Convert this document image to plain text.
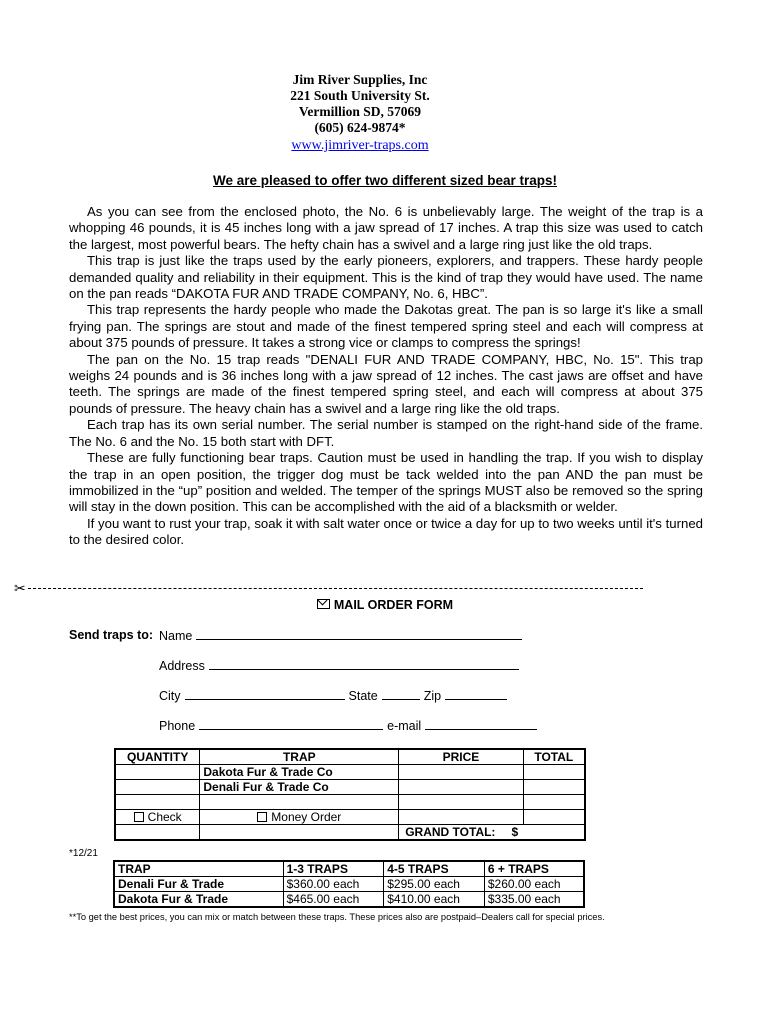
Jim River Supplies, Inc
221 South University St.
Vermillion SD, 57069
(605) 624-9874*
www.jimriver-traps.com
We are pleased to offer two different sized bear traps!

As you can see from the enclosed photo, the No. 6 is unbelievably large. The weight of the trap is a whopping 46 pounds, it is 45 inches long with a jaw spread of 17 inches. A trap this size was used to catch the largest, most powerful bears. The hefty chain has a swivel and a large ring just like the old traps.

This trap is just like the traps used by the early pioneers, explorers, and trappers. These hardy people demanded quality and reliability in their equipment. This is the kind of trap they would have used. The name on the pan reads “DAKOTA FUR AND TRADE COMPANY, No. 6, HBC”.

This trap represents the hardy people who made the Dakotas great. The pan is so large it's like a small frying pan. The springs are stout and made of the finest tempered spring steel and each will compress at about 375 pounds of pressure. It takes a strong vice or clamps to compress the springs!

The pan on the No. 15 trap reads "DENALI FUR AND TRADE COMPANY, HBC, No. 15". This trap weighs 24 pounds and is 36 inches long with a jaw spread of 12 inches. The cast jaws are offset and have teeth. The springs are made of the finest tempered spring steel, and each will compress at about 375 pounds of pressure. The heavy chain has a swivel and a large ring like the old traps.

Each trap has its own serial number. The serial number is stamped on the right-hand side of the frame. The No. 6 and the No. 15 both start with DFT.

These are fully functioning bear traps. Caution must be used in handling the trap. If you wish to display the trap in an open position, the trigger dog must be tack welded into the pan AND the pan must be immobilized in the “up” position and welded. The temper of the springs MUST also be removed so the spring will stay in the down position. This can be accomplished with the aid of a blacksmith or welder.

If you want to rust your trap, soak it with salt water once or twice a day for up to two weeks until it's turned to the desired color.

✂
MAIL ORDER FORM
Send traps to: Name
Address
City	State	Zip
Phone	e-mail
QUANTITY	TRAP	PRICE	TOTAL
	Dakota Fur & Trade Co		
	Denali Fur & Trade Co		

Check	Money Order		
		GRAND TOTAL: $	
*12/21
TRAP	1-3 TRAPS	4-5 TRAPS	6 + TRAPS
Denali Fur & Trade	$360.00 each	$295.00 each	$260.00 each
Dakota Fur & Trade	$465.00 each	$410.00 each	$335.00 each
**To get the best prices, you can mix or match between these traps. These prices also are postpaid–Dealers call for special prices.
